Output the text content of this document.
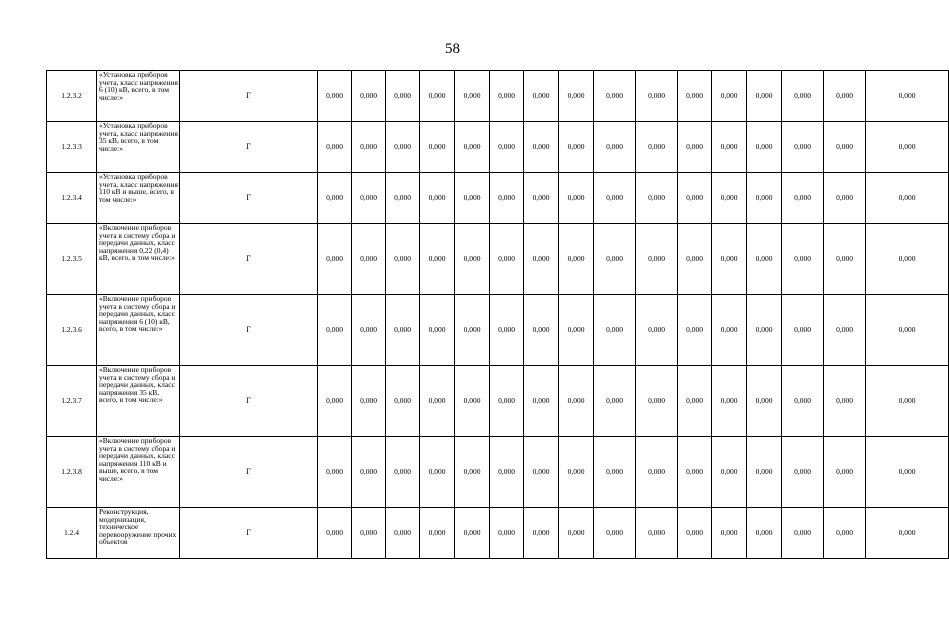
58
1.2.3.2	«Установка приборов учета, класс напряжения 6 (10) кВ, всего, в том числе:»	Г	0,000	0,000	0,000	0,000	0,000	0,000	0,000	0,000	0,000	0,000	0,000	0,000	0,000	0,000	0,000	0,000
1.2.3.3	«Установка приборов учета, класс напряжения 35 кВ, всего, в том числе:»	Г	0,000	0,000	0,000	0,000	0,000	0,000	0,000	0,000	0,000	0,000	0,000	0,000	0,000	0,000	0,000	0,000
1.2.3.4	«Установка приборов учета, класс напряжения 110 кВ и выше, всего, в том числе:»	Г	0,000	0,000	0,000	0,000	0,000	0,000	0,000	0,000	0,000	0,000	0,000	0,000	0,000	0,000	0,000	0,000
1.2.3.5	«Включение приборов учета в систему сбора и передачи данных, класс напряжения 0,22 (0,4) кВ, всего, в том числе:»	Г	0,000	0,000	0,000	0,000	0,000	0,000	0,000	0,000	0,000	0,000	0,000	0,000	0,000	0,000	0,000	0,000
1.2.3.6	«Включение приборов учета в систему сбора и передачи данных, класс напряжения 6 (10) кВ, всего, в том числе:»	Г	0,000	0,000	0,000	0,000	0,000	0,000	0,000	0,000	0,000	0,000	0,000	0,000	0,000	0,000	0,000	0,000
1.2.3.7	«Включение приборов учета в систему сбора и передачи данных, класс напряжения 35 кВ, всего, в том числе:»	Г	0,000	0,000	0,000	0,000	0,000	0,000	0,000	0,000	0,000	0,000	0,000	0,000	0,000	0,000	0,000	0,000
1.2.3.8	«Включение приборов учета в систему сбора и передачи данных, класс напряжения 110 кВ и выше, всего, в том числе:»	Г	0,000	0,000	0,000	0,000	0,000	0,000	0,000	0,000	0,000	0,000	0,000	0,000	0,000	0,000	0,000	0,000
1.2.4	Реконструкция, модернизация, техническое перевооружение прочих объектов	Г	0,000	0,000	0,000	0,000	0,000	0,000	0,000	0,000	0,000	0,000	0,000	0,000	0,000	0,000	0,000	0,000
